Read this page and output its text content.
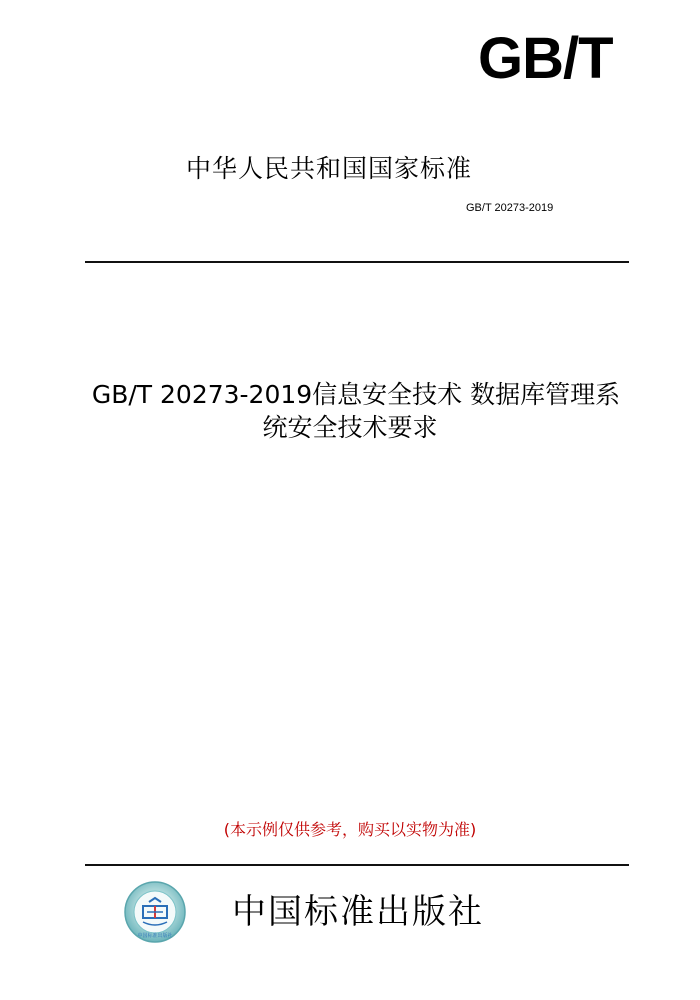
GB/T
中华人民共和国国家标准
GB/T 20273-2019
GB/T 20273-2019信息安全技术 数据库管理系
统安全技术要求
(本示例仅供参考，购买以实物为准)
中国标准出版社
中国标准出版社
